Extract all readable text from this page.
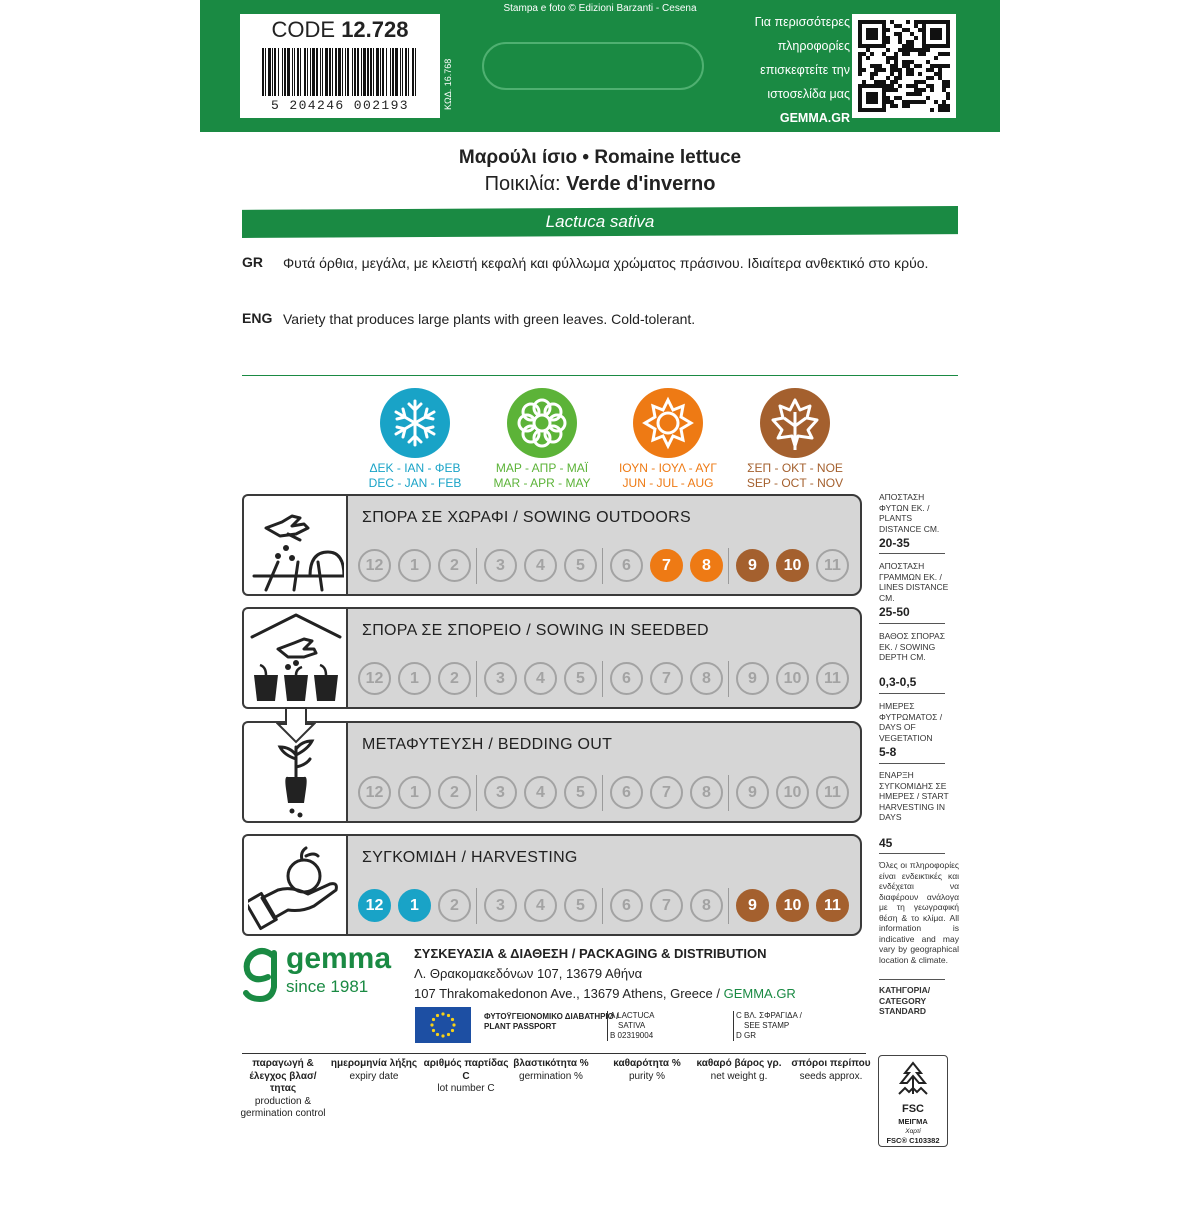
CODE 12.728
5 204246 002193	ΚΩΔ. 16.768
Stampa e foto © Edizioni Barzanti - Cesena
Για περισσότερες
πληροφορίες
επισκεφτείτε την
ιστοσελίδα μας
GEMMA.GR
Μαρούλι ίσιο • Romaine lettuce
Ποικιλία: Verde d'inverno
Lactuca sativa
GR Φυτά όρθια, μεγάλα, με κλειστή κεφαλή και φύλλωμα χρώματος πράσινου. Ιδιαίτερα ανθεκτικό στο κρύο.
ENG Variety that produces large plants with green leaves. Cold-tolerant.
ΔΕΚ - ΙΑΝ - ΦΕΒ
DEC - JAN - FEB
ΜΑΡ - ΑΠΡ - ΜΑΪ
MAR - APR - MAY
ΙΟΥΝ - ΙΟΥΛ - ΑΥΓ
JUN - JUL - AUG
ΣΕΠ - ΟΚΤ - ΝΟΕ
SEP - OCT - NOV
ΣΠΟΡΑ ΣΕ ΧΩΡΑΦΙ / SOWING OUTDOORS
12	1	2	3	4	5	6	7	8	9	10	11
ΣΠΟΡΑ ΣΕ ΣΠΟΡΕΙΟ / SOWING IN SEEDBED
12	1	2	3	4	5	6	7	8	9	10	11
ΜΕΤΑΦΥΤΕΥΣΗ / BEDDING OUT
12	1	2	3	4	5	6	7	8	9	10	11
ΣΥΓΚΟΜΙΔΗ / HARVESTING
12	1	2	3	4	5	6	7	8	9	10	11
ΑΠΟΣΤΑΣΗ ΦΥΤΩΝ ΕΚ. / PLANTS DISTANCE CM.
20-35
ΑΠΟΣΤΑΣΗ ΓΡΑΜΜΩΝ ΕΚ. / LINES DISTANCE CM.
25-50
ΒΑΘΟΣ ΣΠΟΡΑΣ ΕΚ. / SOWING DEPTH CM.
0,3-0,5
ΗΜΕΡΕΣ ΦΥΤΡΩΜΑΤΟΣ / DAYS OF VEGETATION
5-8
ΕΝΑΡΞΗ ΣΥΓΚΟΜΙΔΗΣ ΣΕ ΗΜΕΡΕΣ / START HARVESTING IN DAYS
45
Όλες οι πληροφορίες είναι ενδεικτικές και ενδέχεται να διαφέρουν ανάλογα με τη γεωγραφική θέση & το κλίμα. All information is indicative and may vary by geographical location & climate.
ΚΑΤΗΓΟΡΙΑ/ CATEGORY STANDARD
gemma
since 1981
ΣΥΣΚΕΥΑΣΙΑ & ΔΙΑΘΕΣΗ / PACKAGING & DISTRIBUTION
Λ. Θρακομακεδόνων 107, 13679 Αθήνα
107 Thrakomakedonon Ave., 13679 Athens, Greece / GEMMA.GR
ΦΥΤΟΫΓΕΙΟΝΟΜΙΚΟ ΔΙΑΒΑΤΗΡΙΟ /
PLANT PASSPORT
A LACTUCA
SATIVA
B 02319004
C ΒΛ. ΣΦΡΑΓΙΔΑ /
SEE STAMP
D GR
παραγωγή & έλεγχος βλασ/τητας
production & germination control
ημερομηνία λήξης
expiry date
αριθμός παρτίδας C
lot number C
βλαστικότητα %
germination %
καθαρότητα %
purity %
καθαρό βάρος γρ.
net weight g.
σπόροι περίπου
seeds approx.
FSC
ΜΕΙΓΜΑ
Χαρτί
FSC® C103382
